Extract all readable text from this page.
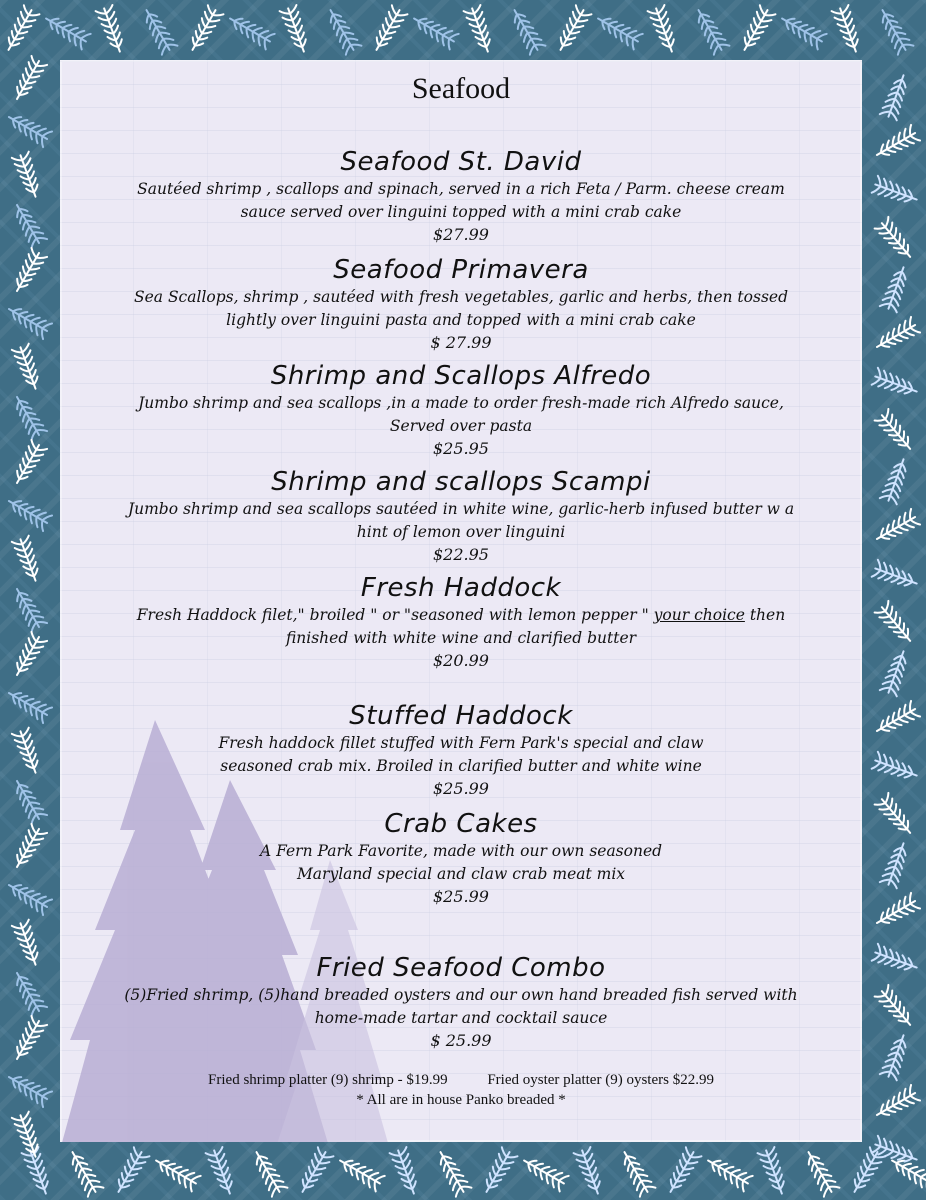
Seafood
Seafood St. David
Sautéed shrimp , scallops and spinach, served in a rich Feta / Parm. cheese cream
sauce served over linguini topped with a mini crab cake
$27.99
Seafood Primavera
Sea Scallops, shrimp , sautéed with fresh vegetables, garlic and herbs, then tossed
lightly over linguini pasta and topped with a mini crab cake
$ 27.99
Shrimp and Scallops Alfredo
Jumbo shrimp and sea scallops ,in a made to order fresh-made rich Alfredo sauce,
Served over pasta
$25.95
Shrimp and scallops Scampi
Jumbo shrimp and sea scallops sautéed in white wine, garlic-herb infused butter w a
hint of lemon over linguini
$22.95
Fresh Haddock
Fresh Haddock filet," broiled " or "seasoned with lemon pepper " your choice then
finished with white wine and clarified butter
$20.99
Stuffed Haddock
Fresh haddock fillet stuffed with Fern Park's special and claw
seasoned crab mix. Broiled in clarified butter and white wine
$25.99
Crab Cakes
A Fern Park Favorite, made with our own seasoned
Maryland special and claw crab meat mix
$25.99
Fried Seafood Combo
(5)Fried shrimp, (5)hand breaded oysters and our own hand breaded fish served with
home-made tartar and cocktail sauce
$ 25.99
Fried shrimp platter (9) shrimp - $19.99	Fried oyster platter (9) oysters $22.99
* All are in house Panko breaded *
